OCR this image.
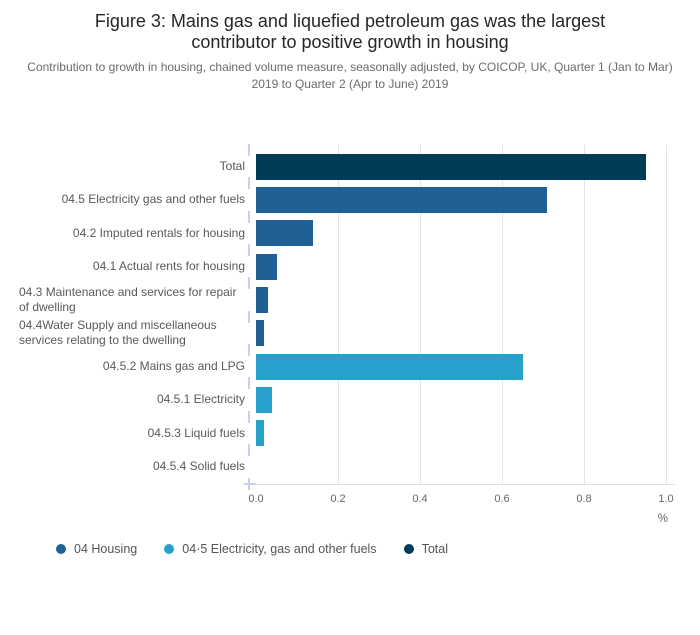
Figure 3: Mains gas and liquefied petroleum gas was the largest contributor to positive growth in housing

Contribution to growth in housing, chained volume measure, seasonally adjusted, by COICOP, UK, Quarter 1 (Jan to Mar) 2019 to Quarter 2 (Apr to June) 2019

0.0	0.2	0.4	0.6	0.8	1.0
%
Total
04.5 Electricity gas and other fuels
04.2 Imputed rentals for housing
04.1 Actual rents for housing
04.3 Maintenance and services for repair
of dwelling
04.4Water Supply and miscellaneous
services relating to the dwelling
04.5.2 Mains gas and LPG
04.5.1 Electricity
04.5.3 Liquid fuels
04.5.4 Solid fuels
04 Housing	04·5 Electricity, gas and other fuels	Total
